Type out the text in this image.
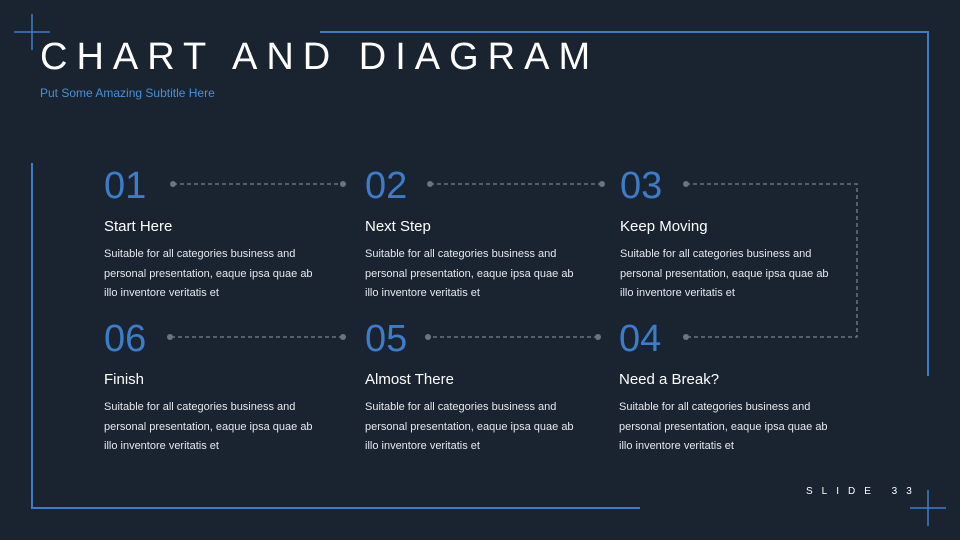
CHART AND DIAGRAM

Put Some Amazing Subtitle Here

01

Start Here

Suitable for all categories business and personal presentation, eaque ipsa quae ab illo inventore veritatis et

02

Next Step

Suitable for all categories business and personal presentation, eaque ipsa quae ab illo inventore veritatis et

03

Keep Moving

Suitable for all categories business and personal presentation, eaque ipsa quae ab illo inventore veritatis et

06

Finish

Suitable for all categories business and personal presentation, eaque ipsa quae ab illo inventore veritatis et

05

Almost There

Suitable for all categories business and personal presentation, eaque ipsa quae ab illo inventore veritatis et

04

Need a Break?

Suitable for all categories business and personal presentation, eaque ipsa quae ab illo inventore veritatis et

SLIDE 33
